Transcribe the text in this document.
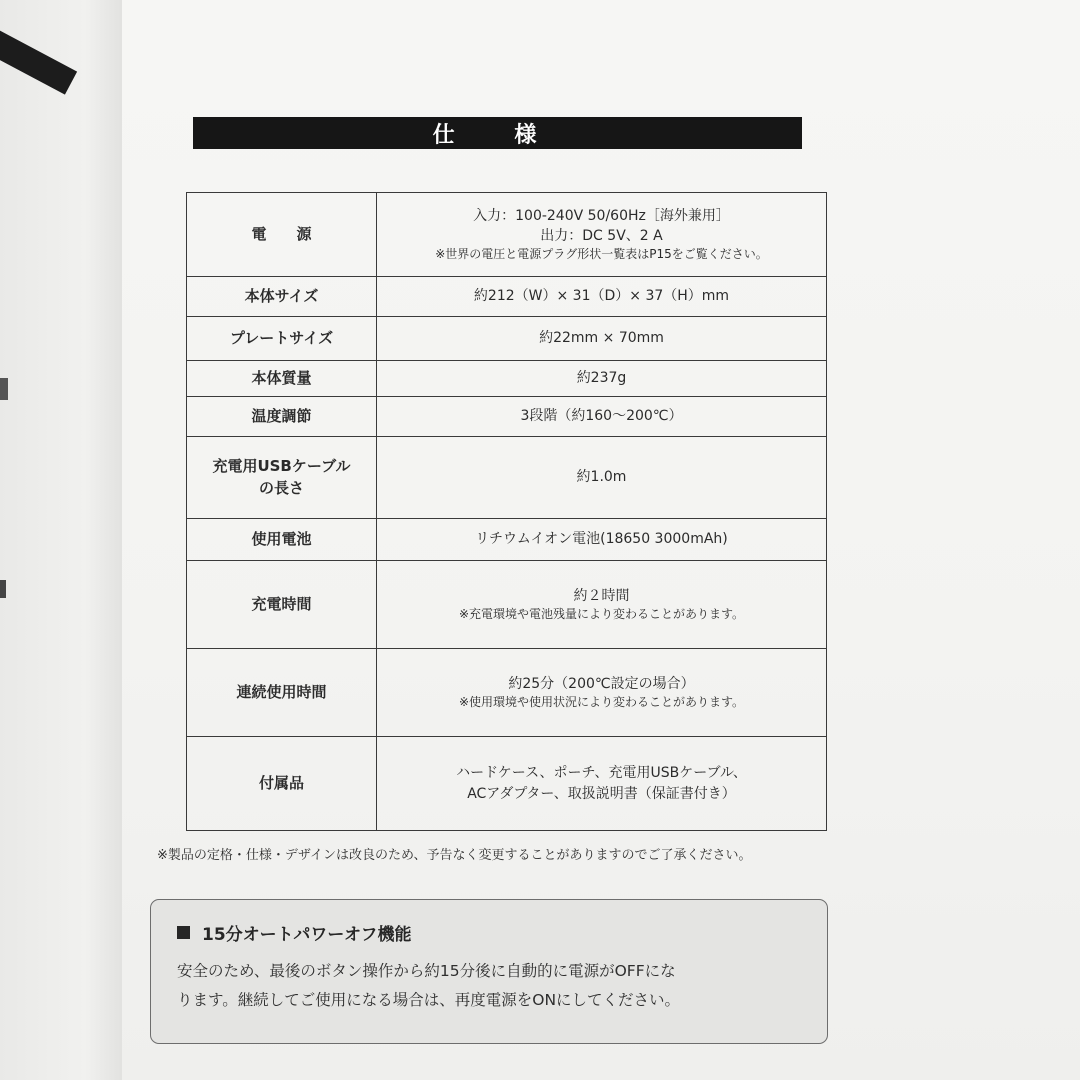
仕 様
電　　源	入力：100-240V 50/60Hz［海外兼用］
出力：DC 5V、2 A
※世界の電圧と電源プラグ形状一覧表はP15をご覧ください。

本体サイズ	約212（W）× 31（D）× 37（H）mm

プレートサイズ	約22mm × 70mm

本体質量	約237g

温度調節	3段階（約160～200℃）

充電用USBケーブル
の長さ	約1.0m

使用電池	リチウムイオン電池(18650 3000mAh)

充電時間	約２時間
※充電環境や電池残量により変わることがあります。

連続使用時間	約25分（200℃設定の場合）
※使用環境や使用状況により変わることがあります。

付属品	ハードケース、ポーチ、充電用USBケーブル、
ACアダプター、取扱説明書（保証書付き）
※製品の定格・仕様・デザインは改良のため、予告なく変更することがありますのでご了承ください。
15分オートパワーオフ機能
安全のため、最後のボタン操作から約15分後に自動的に電源がOFFにな
ります。継続してご使用になる場合は、再度電源をONにしてください。
